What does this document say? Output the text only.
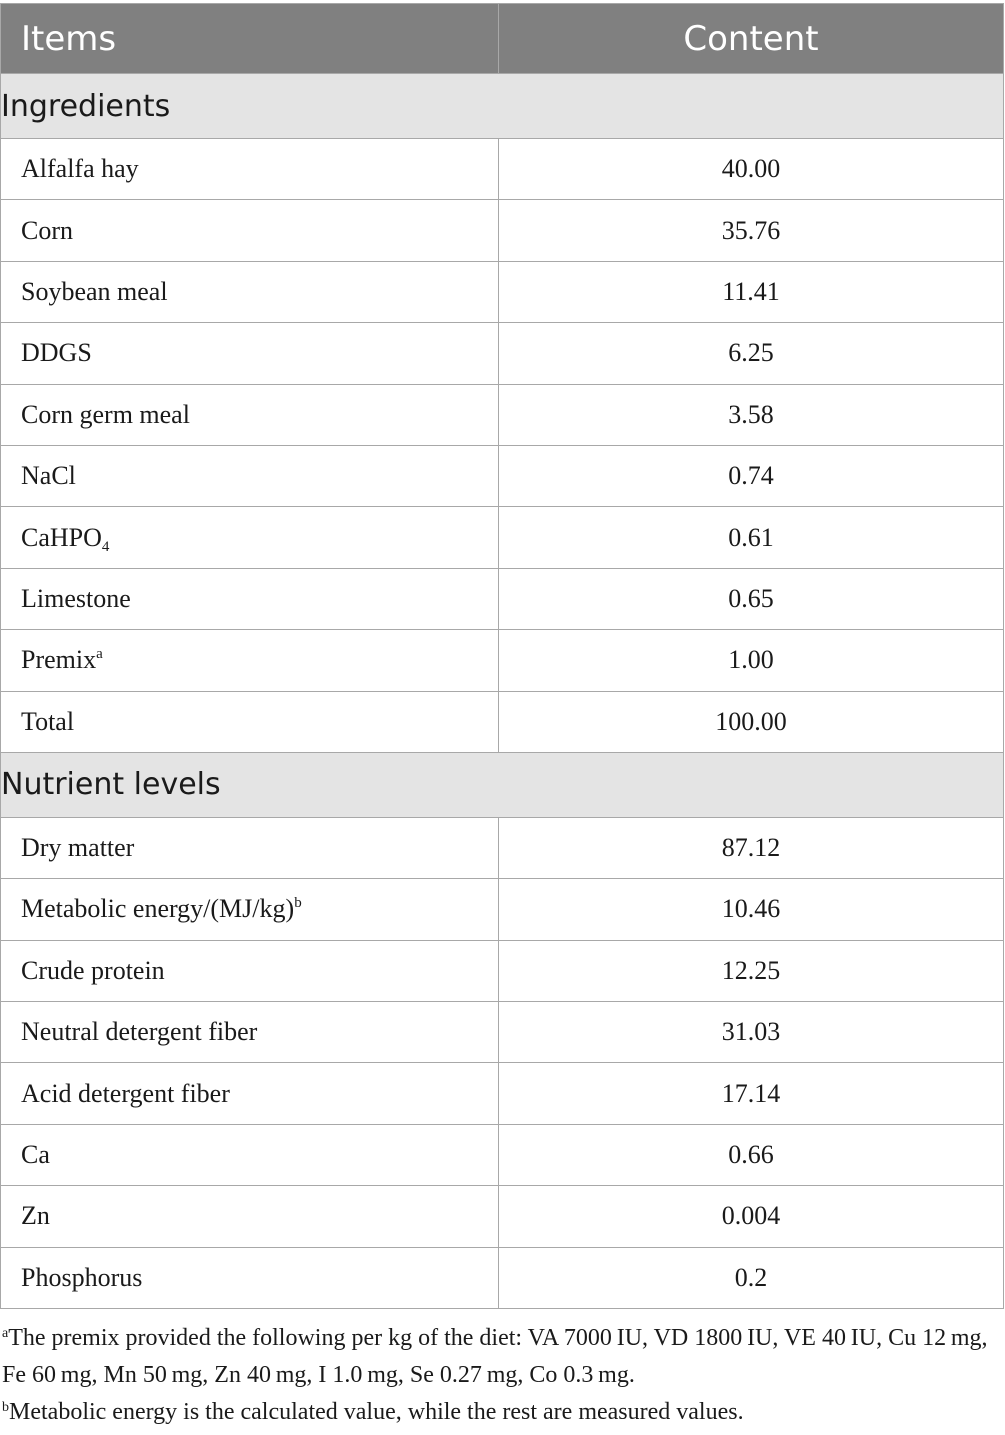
Items	Content
Ingredients	
Alfalfa hay	40.00
Corn	35.76
Soybean meal	11.41
DDGS	6.25
Corn germ meal	3.58
NaCl	0.74
CaHPO$_4$	0.61
Limestone	0.65
Premix$^a$	1.00
Total	100.00
Nutrient levels	
Dry matter	87.12
Metabolic energy/$(MJ/kg)^b$	10.46
Crude protein	12.25
Neutral detergent fiber	31.03
Acid detergent fiber	17.14
Ca	0.66
Zn	0.004
Phosphorus	0.2

$^a$The premix provided the following per kg of the diet: VA 7000 IU, VD 1800 IU, VE 40 IU, Cu 12 mg, Fe 60 mg, Mn 50 mg, Zn 40 mg, I 1.0 mg, Se 0.27 mg, Co 0.3 mg.

$^b$Metabolic energy is the calculated value, while the rest are measured values.
